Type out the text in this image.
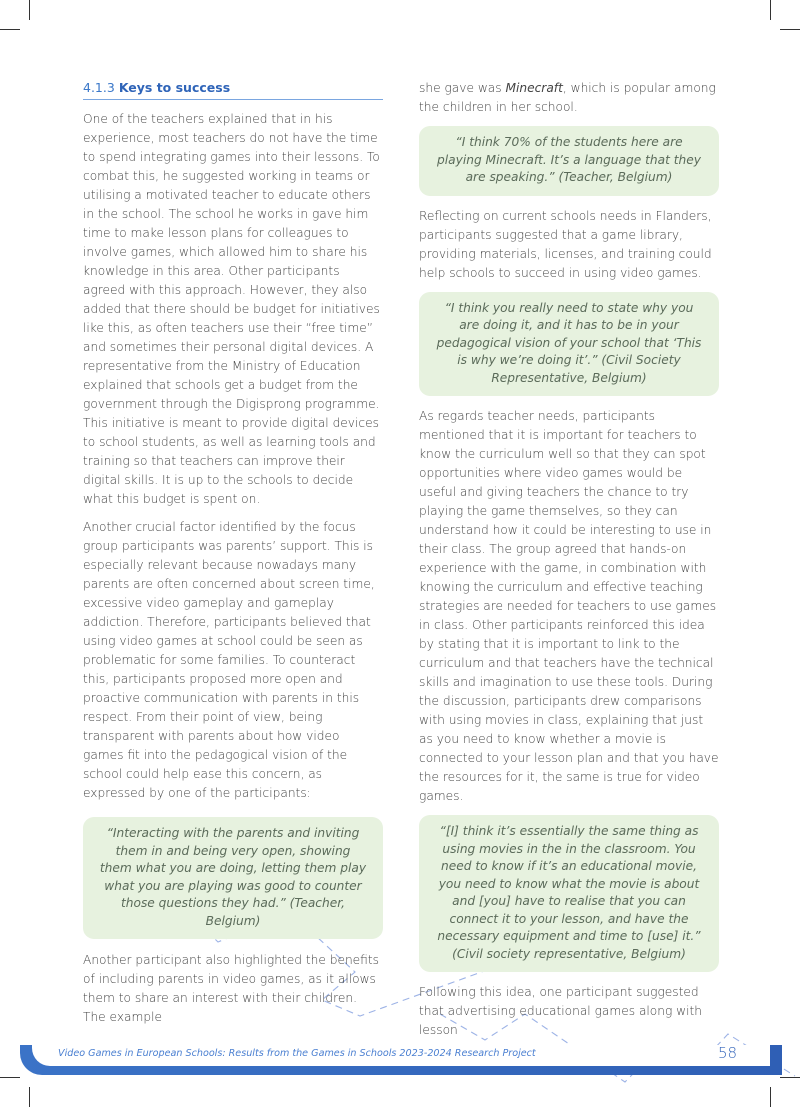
4.1.3 Keys to success

One of the teachers explained that in his experience, most teachers do not have the time to spend integrating games into their lessons. To combat this, he suggested working in teams or utilising a motivated teacher to educate others in the school. The school he works in gave him time to make lesson plans for colleagues to involve games, which allowed him to share his knowledge in this area. Other participants agreed with this approach. However, they also added that there should be budget for initiatives like this, as often teachers use their “free time” and sometimes their personal digital devices. A representative from the Ministry of Education explained that schools get a budget from the government through the Digisprong programme. This initiative is meant to provide digital devices to school students, as well as learning tools and training so that teachers can improve their digital skills. It is up to the schools to decide what this budget is spent on.

Another crucial factor identified by the focus group participants was parents’ support. This is especially relevant because nowadays many parents are often concerned about screen time, excessive video gameplay and gameplay addiction. Therefore, participants believed that using video games at school could be seen as problematic for some families. To counteract this, participants proposed more open and proactive communication with parents in this respect. From their point of view, being transparent with parents about how video games fit into the pedagogical vision of the school could help ease this concern, as expressed by one of the participants:

“Interacting with the parents and inviting them in and being very open, showing them what you are doing, letting them play what you are playing was good to counter those questions they had.” (Teacher, Belgium)

Another participant also highlighted the benefits of including parents in video games, as it allows them to share an interest with their children. The example

she gave was Minecraft, which is popular among the children in her school.

“I think 70% of the students here are playing Minecraft. It’s a language that they are speaking.” (Teacher, Belgium)

Reflecting on current schools needs in Flanders, participants suggested that a game library, providing materials, licenses, and training could help schools to succeed in using video games.

“I think you really need to state why you are doing it, and it has to be in your pedagogical vision of your school that ‘This is why we’re doing it’.” (Civil Society Representative, Belgium)

As regards teacher needs, participants mentioned that it is important for teachers to know the curriculum well so that they can spot opportunities where video games would be useful and giving teachers the chance to try playing the game themselves, so they can understand how it could be interesting to use in their class. The group agreed that hands-on experience with the game, in combination with knowing the curriculum and effective teaching strategies are needed for teachers to use games in class. Other participants reinforced this idea by stating that it is important to link to the curriculum and that teachers have the technical skills and imagination to use these tools. During the discussion, participants drew comparisons with using movies in class, explaining that just as you need to know whether a movie is connected to your lesson plan and that you have the resources for it, the same is true for video games.

“[I] think it’s essentially the same thing as using movies in the in the classroom. You need to know if it’s an educational movie, you need to know what the movie is about and [you] have to realise that you can connect it to your lesson, and have the necessary equipment and time to [use] it.” (Civil society representative, Belgium)

Following this idea, one participant suggested that advertising educational games along with lesson

Video Games in European Schools: Results from the Games in Schools 2023-2024 Research Project	58
